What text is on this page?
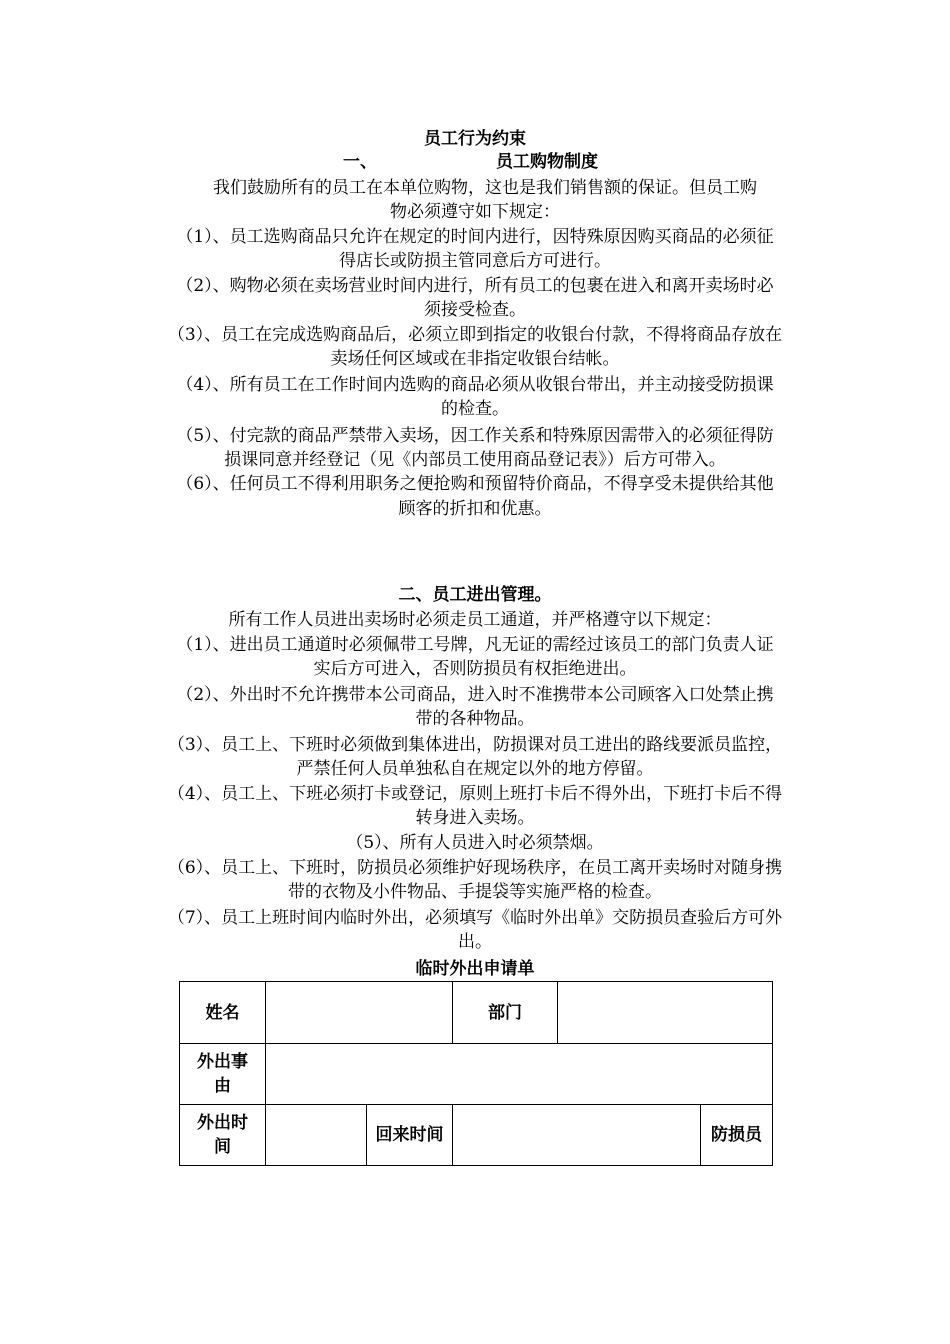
员工行为约束
一、	员工购物制度
我们鼓励所有的员工在本单位购物，这也是我们销售额的保证。但员工购
物必须遵守如下规定：
（1）、员工选购商品只允许在规定的时间内进行，因特殊原因购买商品的必须征
得店长或防损主管同意后方可进行。
（2）、购物必须在卖场营业时间内进行，所有员工的包裹在进入和离开卖场时必
须接受检查。
（3）、员工在完成选购商品后，必须立即到指定的收银台付款，不得将商品存放在
卖场任何区域或在非指定收银台结帐。
（4）、所有员工在工作时间内选购的商品必须从收银台带出，并主动接受防损课
的检查。
（5）、付完款的商品严禁带入卖场，因工作关系和特殊原因需带入的必须征得防
损课同意并经登记（见《内部员工使用商品登记表》）后方可带入。
（6）、任何员工不得利用职务之便抢购和预留特价商品，不得享受未提供给其他
顾客的折扣和优惠。
二、员工进出管理。
所有工作人员进出卖场时必须走员工通道，并严格遵守以下规定：
（1）、进出员工通道时必须佩带工号牌，凡无证的需经过该员工的部门负责人证
实后方可进入，否则防损员有权拒绝进出。
（2）、外出时不允许携带本公司商品，进入时不准携带本公司顾客入口处禁止携
带的各种物品。
（3）、员工上、下班时必须做到集体进出，防损课对员工进出的路线要派员监控，
严禁任何人员单独私自在规定以外的地方停留。
（4）、员工上、下班必须打卡或登记，原则上班打卡后不得外出，下班打卡后不得
转身进入卖场。
（5）、所有人员进入时必须禁烟。
（6）、员工上、下班时，防损员必须维护好现场秩序，在员工离开卖场时对随身携
带的衣物及小件物品、手提袋等实施严格的检查。
（7）、员工上班时间内临时外出，必须填写《临时外出单》交防损员查验后方可外
出。
临时外出申请单
姓名			部门		

外出事
由					

外出时
间		回来时间			防损员
